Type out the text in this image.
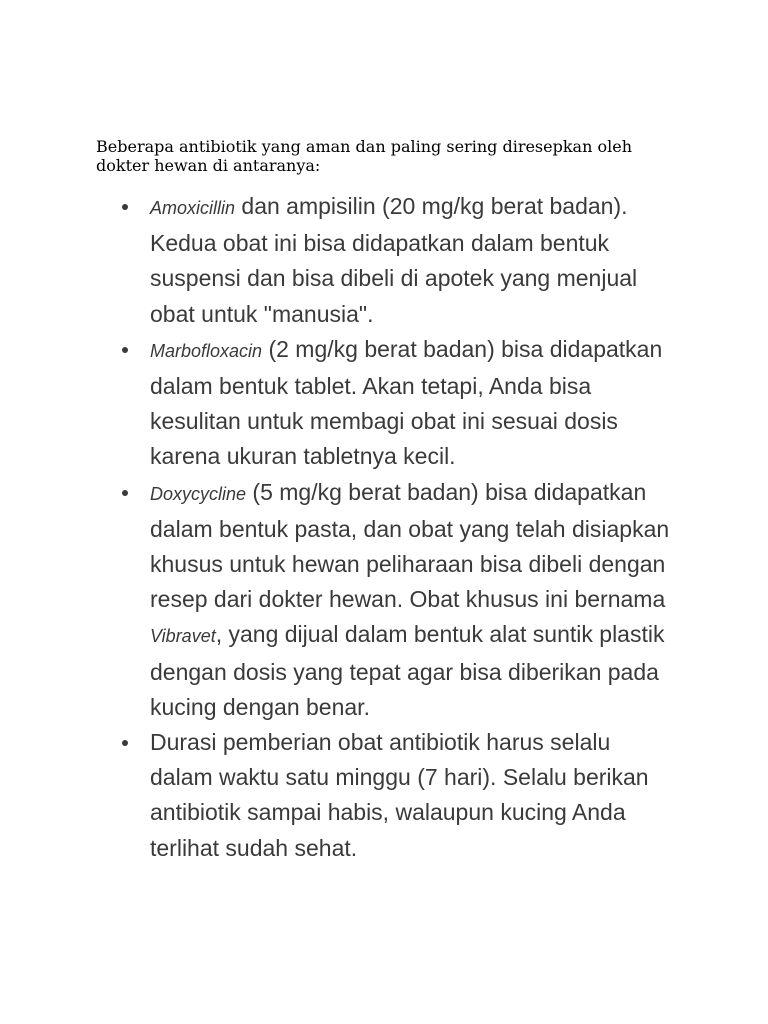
Beberapa antibiotik yang aman dan paling sering diresepkan oleh dokter hewan di antaranya:

Amoxicillin dan ampisilin (20 mg/kg berat badan). Kedua obat ini bisa didapatkan dalam bentuk suspensi dan bisa dibeli di apotek yang menjual obat untuk "manusia".
Marbofloxacin (2 mg/kg berat badan) bisa didapatkan dalam bentuk tablet. Akan tetapi, Anda bisa kesulitan untuk membagi obat ini sesuai dosis karena ukuran tabletnya kecil.
Doxycycline (5 mg/kg berat badan) bisa didapatkan dalam bentuk pasta, dan obat yang telah disiapkan khusus untuk hewan peliharaan bisa dibeli dengan resep dari dokter hewan. Obat khusus ini bernama Vibravet, yang dijual dalam bentuk alat suntik plastik dengan dosis yang tepat agar bisa diberikan pada kucing dengan benar.
Durasi pemberian obat antibiotik harus selalu dalam waktu satu minggu (7 hari). Selalu berikan antibiotik sampai habis, walaupun kucing Anda terlihat sudah sehat.
